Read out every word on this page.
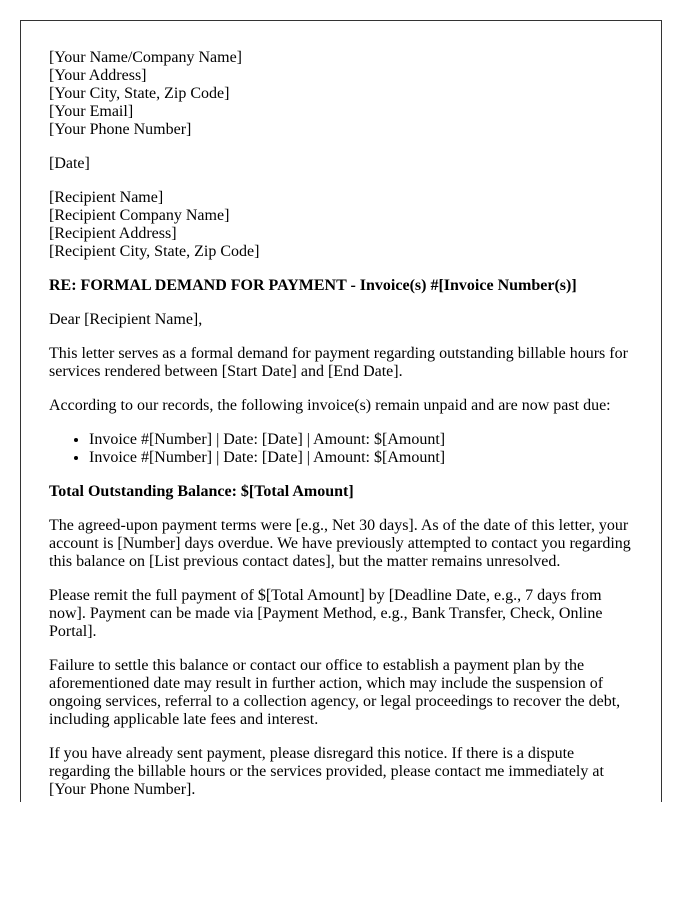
[Your Name/Company Name]
[Your Address]
[Your City, State, Zip Code]
[Your Email]
[Your Phone Number]

[Date]

[Recipient Name]
[Recipient Company Name]
[Recipient Address]
[Recipient City, State, Zip Code]

RE: FORMAL DEMAND FOR PAYMENT - Invoice(s) #[Invoice Number(s)]

Dear [Recipient Name],

This letter serves as a formal demand for payment regarding outstanding billable hours for services rendered between [Start Date] and [End Date].

According to our records, the following invoice(s) remain unpaid and are now past due:

• Invoice #[Number] | Date: [Date] | Amount: $[Amount]
• Invoice #[Number] | Date: [Date] | Amount: $[Amount]

Total Outstanding Balance: $[Total Amount]

The agreed-upon payment terms were [e.g., Net 30 days]. As of the date of this letter, your account is [Number] days overdue. We have previously attempted to contact you regarding this balance on [List previous contact dates], but the matter remains unresolved.

Please remit the full payment of $[Total Amount] by [Deadline Date, e.g., 7 days from now]. Payment can be made via [Payment Method, e.g., Bank Transfer, Check, Online Portal].

Failure to settle this balance or contact our office to establish a payment plan by the aforementioned date may result in further action, which may include the suspension of ongoing services, referral to a collection agency, or legal proceedings to recover the debt, including applicable late fees and interest.

If you have already sent payment, please disregard this notice. If there is a dispute regarding the billable hours or the services provided, please contact me immediately at [Your Phone Number].
